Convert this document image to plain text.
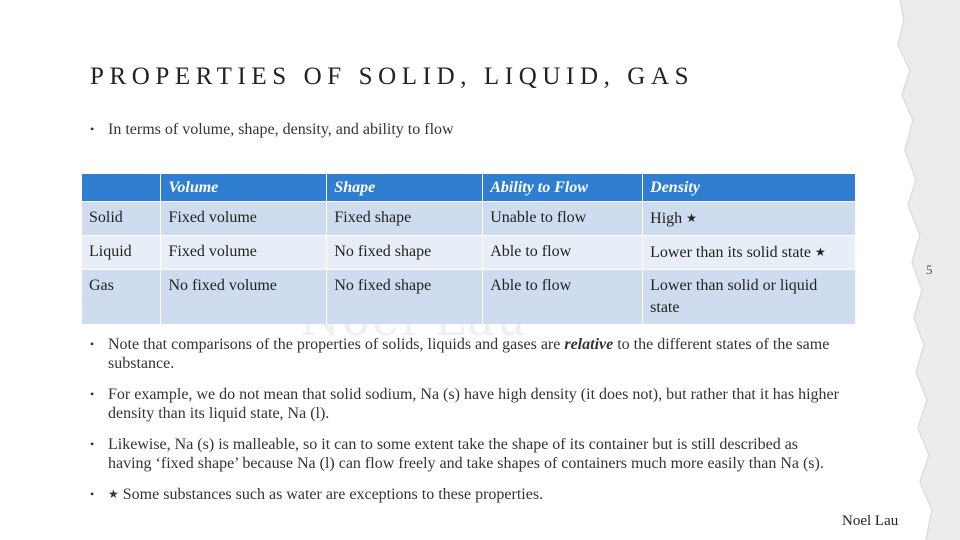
PROPERTIES OF SOLID, LIQUID, GAS
• In terms of volume, shape, density, and ability to flow
	Volume	Shape	Ability to Flow	Density
Solid	Fixed volume	Fixed shape	Unable to flow	High ★
Liquid	Fixed volume	No fixed shape	Able to flow	Lower than its solid state ★
Gas	No fixed volume	No fixed shape	Able to flow	Lower than solid or liquid state
• Note that comparisons of the properties of solids, liquids and gases are relative to the different states of the same substance.
• For example, we do not mean that solid sodium, Na (s) have high density (it does not), but rather that it has higher density than its liquid state, Na (l).
• Likewise, Na (s) is malleable, so it can to some extent take the shape of its container but is still described as having ‘fixed shape’ because Na (l) can flow freely and take shapes of containers much more easily than Na (s).
•	★ Some substances such as water are exceptions to these properties.
5
Noel Lau
